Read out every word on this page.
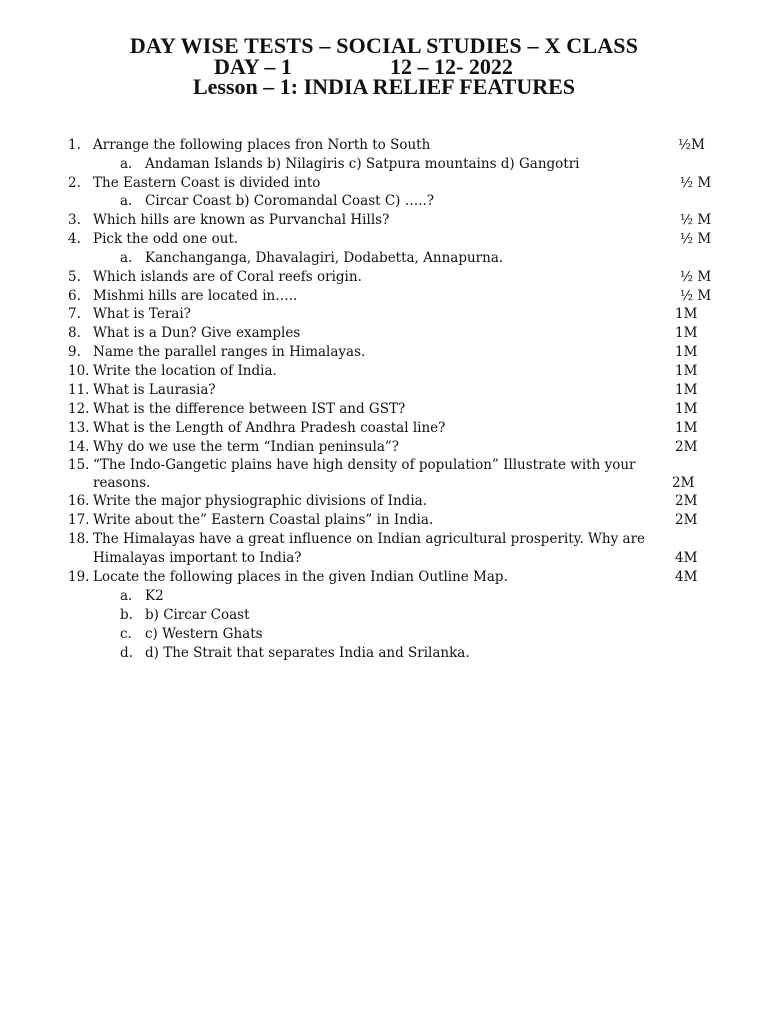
DAY WISE TESTS – SOCIAL STUDIES – X CLASS
DAY – 1	12 – 12- 2022
Lesson – 1: INDIA RELIEF FEATURES
1. Arrange the following places fron North to South	½M
a. Andaman Islands b) Nilagiris c) Satpura mountains d) Gangotri
2. The Eastern Coast is divided into	½ M
a. Circar Coast b) Coromandal Coast C) …..?
3. Which hills are known as Purvanchal Hills?	½ M
4. Pick the odd one out.	½ M
a. Kanchanganga, Dhavalagiri, Dodabetta, Annapurna.
5. Which islands are of Coral reefs origin.	½ M
6. Mishmi hills are located in…..	½ M
7. What is Terai?	1M
8. What is a Dun? Give examples	1M
9. Name the parallel ranges in Himalayas.	1M
10. Write the location of India.	1M
11. What is Laurasia?	1M
12. What is the difference between IST and GST?	1M
13. What is the Length of Andhra Pradesh coastal line?	1M
14. Why do we use the term “Indian peninsula”?	2M
15. “The Indo-Gangetic plains have high density of population” Illustrate with your
reasons.	2M
16. Write the major physiographic divisions of India.	2M
17. Write about the” Eastern Coastal plains” in India.	2M
18. The Himalayas have a great influence on Indian agricultural prosperity. Why are
Himalayas important to India?	4M
19. Locate the following places in the given Indian Outline Map.	4M
a. K2
b. b) Circar Coast
c. c) Western Ghats
d. d) The Strait that separates India and Srilanka.
